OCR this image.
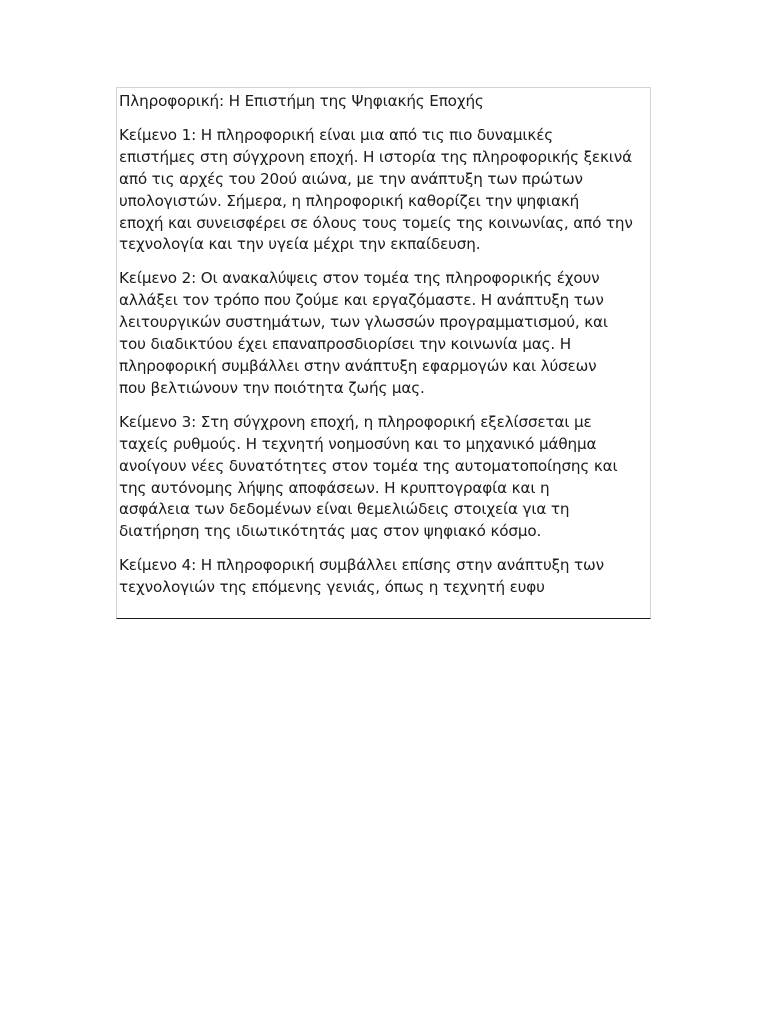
Πληροφορική: Η Επιστήμη της Ψηφιακής Εποχής
Κείμενο 1: Η πληροφορική είναι μια από τις πιο δυναμικές
επιστήμες στη σύγχρονη εποχή. Η ιστορία της πληροφορικής ξεκινά
από τις αρχές του 20ού αιώνα, με την ανάπτυξη των πρώτων
υπολογιστών. Σήμερα, η πληροφορική καθορίζει την ψηφιακή
εποχή και συνεισφέρει σε όλους τους τομείς της κοινωνίας, από την
τεχνολογία και την υγεία μέχρι την εκπαίδευση.
Κείμενο 2: Οι ανακαλύψεις στον τομέα της πληροφορικής έχουν
αλλάξει τον τρόπο που ζούμε και εργαζόμαστε. Η ανάπτυξη των
λειτουργικών συστημάτων, των γλωσσών προγραμματισμού, και
του διαδικτύου έχει επαναπροσδιορίσει την κοινωνία μας. Η
πληροφορική συμβάλλει στην ανάπτυξη εφαρμογών και λύσεων
που βελτιώνουν την ποιότητα ζωής μας.
Κείμενο 3: Στη σύγχρονη εποχή, η πληροφορική εξελίσσεται με
ταχείς ρυθμούς. Η τεχνητή νοημοσύνη και το μηχανικό μάθημα
ανοίγουν νέες δυνατότητες στον τομέα της αυτοματοποίησης και
της αυτόνομης λήψης αποφάσεων. Η κρυπτογραφία και η
ασφάλεια των δεδομένων είναι θεμελιώδεις στοιχεία για τη
διατήρηση της ιδιωτικότητάς μας στον ψηφιακό κόσμο.
Κείμενο 4: Η πληροφορική συμβάλλει επίσης στην ανάπτυξη των
τεχνολογιών της επόμενης γενιάς, όπως η τεχνητή ευφυ
